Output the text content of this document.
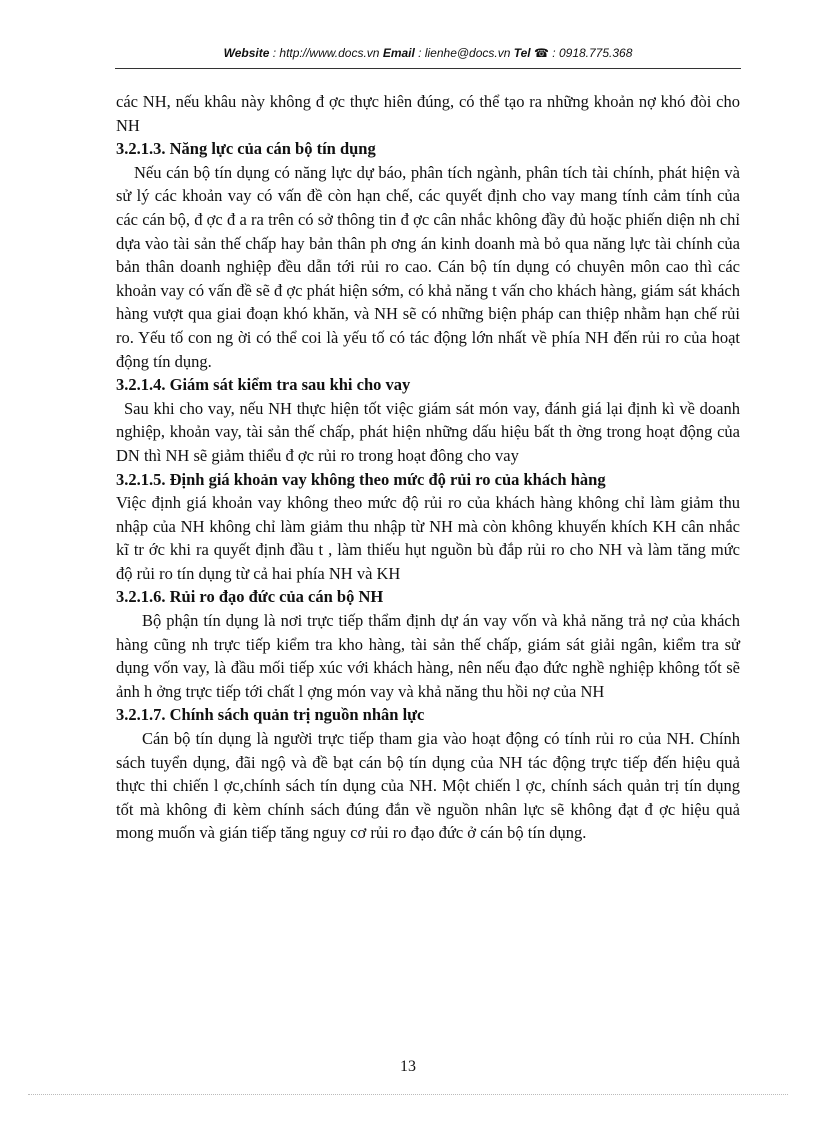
Website : http://www.docs.vn Email : lienhe@docs.vn Tel ☎ : 0918.775.368

các NH, nếu khâu này không đ ợc thực hiên đúng, có thể tạo ra những khoản nợ khó đòi cho NH

3.2.1.3. Năng lực của cán bộ tín dụng

Nếu cán bộ tín dụng có năng lực dự báo, phân tích ngành, phân tích tài chính, phát hiện và sử lý các khoản vay có vấn đề còn hạn chế, các quyết định cho vay mang tính cảm tính của các cán bộ, đ ợc đ a ra trên có sở thông tin đ ợc cân nhắc không đầy đủ hoặc phiến diện nh chỉ dựa vào tài sản thế chấp hay bản thân ph ơng án kinh doanh mà bỏ qua năng lực tài chính của bản thân doanh nghiệp đều dẫn tới rủi ro cao. Cán bộ tín dụng có chuyên môn cao thì các khoản vay có vấn đề sẽ đ ợc phát hiện sớm, có khả năng t vấn cho khách hàng, giám sát khách hàng vượt qua giai đoạn khó khăn, và NH sẽ có những biện pháp can thiệp nhằm hạn chế rủi ro. Yếu tố con ng ời có thể coi là yếu tố có tác động lớn nhất về phía NH đến rủi ro của hoạt động tín dụng.

3.2.1.4. Giám sát kiểm tra sau khi cho vay

Sau khi cho vay, nếu NH thực hiện tốt việc giám sát món vay, đánh giá lại định kì về doanh nghiệp, khoản vay, tài sản thế chấp, phát hiện những dấu hiệu bất th ờng trong hoạt động của DN thì NH sẽ giảm thiểu đ ợc rủi ro trong hoạt đông cho vay

3.2.1.5. Định giá khoản vay không theo mức độ rủi ro của khách hàng

Việc định giá khoản vay không theo mức độ rủi ro của khách hàng không chỉ làm giảm thu nhập của NH không chỉ làm giảm thu nhập từ NH mà còn không khuyến khích KH cân nhắc kĩ tr ớc khi ra quyết định đầu t , làm thiếu hụt nguồn bù đắp rủi ro cho NH và làm tăng mức độ rủi ro tín dụng từ cả hai phía NH và KH

3.2.1.6. Rủi ro đạo đức của cán bộ NH

Bộ phận tín dụng là nơi trực tiếp thẩm định dự án vay vốn và khả năng trả nợ của khách hàng cũng nh trực tiếp kiểm tra kho hàng, tài sản thế chấp, giám sát giải ngân, kiểm tra sử dụng vốn vay, là đầu mối tiếp xúc với khách hàng, nên nếu đạo đức nghề nghiệp không tốt sẽ ảnh h ởng trực tiếp tới chất l ợng món vay và khả năng thu hồi nợ của NH

3.2.1.7. Chính sách quản trị nguồn nhân lực

Cán bộ tín dụng là người trực tiếp tham gia vào hoạt động có tính rủi ro của NH. Chính sách tuyển dụng, đãi ngộ và đề bạt cán bộ tín dụng của NH tác động trực tiếp đến hiệu quả thực thi chiến l ợc,chính sách tín dụng của NH. Một chiến l ợc, chính sách quản trị tín dụng tốt mà không đi kèm chính sách đúng đắn về nguồn nhân lực sẽ không đạt đ ợc hiệu quả mong muốn và gián tiếp tăng nguy cơ rủi ro đạo đức ở cán bộ tín dụng.

13
